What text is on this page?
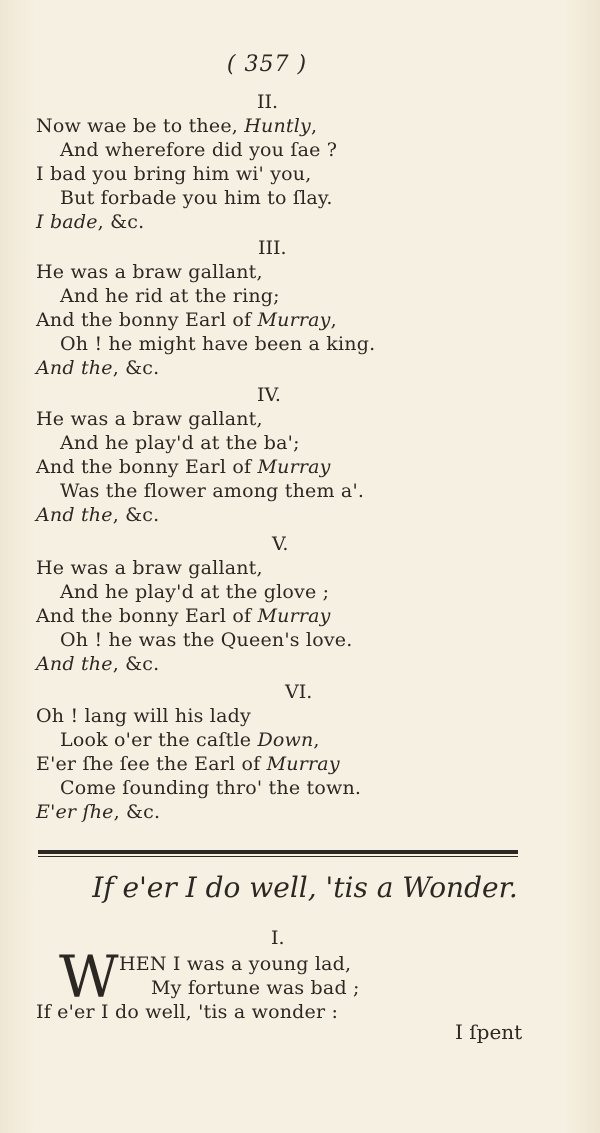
( 357 )
II.
Now wae be to thee, Huntly,
And wherefore did you ſae ?
I bad you bring him wi' you,
But forbade you him to ſlay.
I bade, &c.
III.
He was a braw gallant,
And he rid at the ring;
And the bonny Earl of Murray,
Oh ! he might have been a king.
And the, &c.
IV.
He was a braw gallant,
And he play'd at the ba';
And the bonny Earl of Murray
Was the flower among them a'.
And the, &c.
V.
He was a braw gallant,
And he play'd at the glove ;
And the bonny Earl of Murray
Oh ! he was the Queen's love.
And the, &c.
VI.
Oh ! lang will his lady
Look o'er the caſtle Down,
E'er ſhe ſee the Earl of Murray
Come ſounding thro' the town.
E'er ſhe, &c.
If e'er I do well, 'tis a Wonder.
I.
W HEN I was a young lad,
My fortune was bad ;
If e'er I do well, 'tis a wonder :
I ſpent
